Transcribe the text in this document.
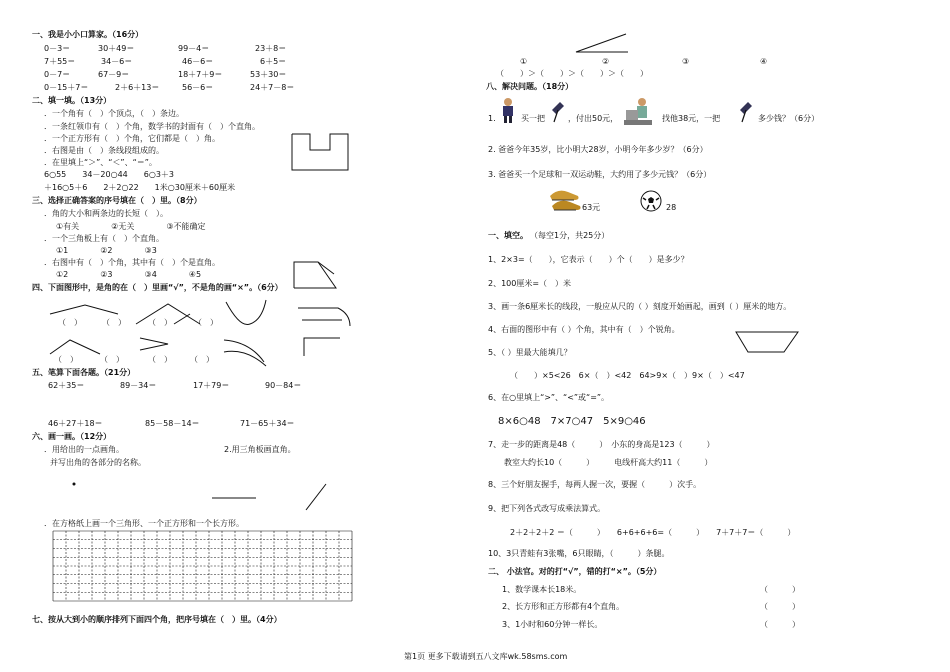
一、我是小小口算家。（16分）
0－3＝	30＋49＝	99－4＝	23＋8＝
7＋55＝	34－6＝	46－6＝	6＋5＝
0－7＝	67－9＝	18＋7＋9＝	53＋30＝
0－15＋7＝	2＋6＋13＝	56－6＝	24＋7－8＝
二、填一填。（13分）
．一个角有（　）个顶点，（　）条边。
．一条红领巾有（　）个角，数学书的封面有（　）个直角。
．一个正方形有（　）个角，它们都是（　）角。
．右图是由（　）条线段组成的。
．在里填上“＞”、“＜”、“＝”。
6○55　　34－20○44　　6○3＋3
＋16○5＋6　　2＋2○22　　1米○30厘米＋60厘米
三、选择正确答案的序号填在（　）里。（8分）
．角的大小和两条边的长短（　）。
①有关　　　　②无关　　　　③不能确定
．一个三角板上有（　）个直角。
①1　　　　②2　　　　③3
．右图中有（　）个角，其中有（　）个是直角。
①2　　　　②3　　　　③4　　　　④5
四、下面图形中，是角的在（　）里画“√”，不是角的画“×”。（6分）
（　）	（　）	（　）	（　）
（　）	（　）	（　） （　）
五、笔算下面各题。（21分）
62＋35＝	89－34＝	17＋79＝	90－84＝
46＋27＋18＝	85－58－14＝	71－65＋34＝
六、画一画。（12分）
．用给出的一点画角。	2.用三角板画直角。
并写出角的各部分的名称。
．在方格纸上画一个三角形、一个正方形和一个长方形。
七、按从大到小的顺序排列下面四个角，把序号填在（　）里。（4分）
①	②	③	④
（　　）＞（　　）＞（　　）＞（　　）
八、解决问题。（18分）
1.	买一把	，付出50元，	找他38元，一把	多少钱？（6分）
2. 爸爸今年35岁，比小明大28岁，小明今年多少岁？（6分）
3. 爸爸买一个足球和一双运动鞋，大约用了多少元钱？（6分）
63元	28
一、填空。 （每空1分，共25分）
1、2×3=（　　），它表示（　　）个（　　）是多少？
2、100厘米=（　）米
3、画一条6厘米长的线段，一般应从尺的（ ）刻度开始画起，画到（ ）厘米的地方。
4、右面的图形中有（ ）个角，其中有（　）个锐角。
5、（ ）里最大能填几？
（　　）×5<26　6×（　）<42　64>9×（　）9×（　）<47
6、在○里填上“>”、“<”或“=”。
8×6○48　7×7○47　5×9○46
7、走一步的距离是48（　　　）　小东的身高是123（　　　）
教室大约长10（　　　）　　　电线杆高大约11（　　　）
8、三个好朋友握手，每两人握一次，要握（　　　）次手。
9、把下列各式改写成乘法算式。
2＋2＋2＋2 ＝（　　　）　　6+6+6+6=（　　　）　　7＋7＋7＝（　　　）
10、3只青蛙有3张嘴，6只眼睛，（　　　）条腿。
二、 小法官。对的打“√”，错的打“×”。（5分）
1、数学课本长18米。	（　　　）
2、长方形和正方形都有4个直角。	（　　　）
3、1小时和60分钟一样长。	（　　　）
第1页 更多下载请到五八文库wk.58sms.com
